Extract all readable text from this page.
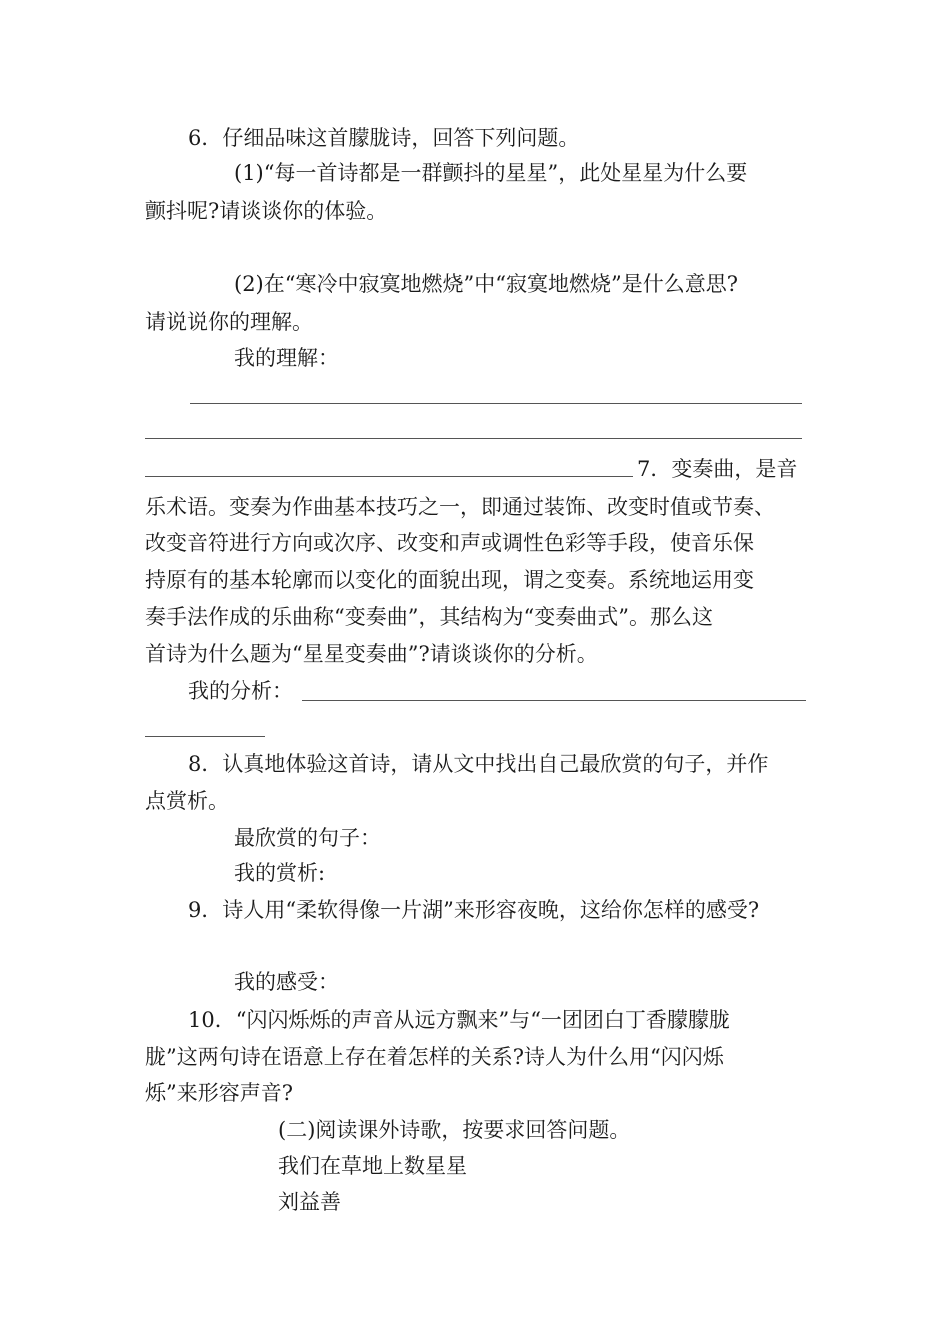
6．仔细品味这首朦胧诗，回答下列问题。
(1)“每一首诗都是一群颤抖的星星”，此处星星为什么要
颤抖呢?请谈谈你的体验。
(2)在“寒冷中寂寞地燃烧”中“寂寞地燃烧”是什么意思?
请说说你的理解。
我的理解：
7．变奏曲，是音
乐术语。变奏为作曲基本技巧之一，即通过装饰、改变时值或节奏、
改变音符进行方向或次序、改变和声或调性色彩等手段，使音乐保
持原有的基本轮廓而以变化的面貌出现，谓之变奏。系统地运用变
奏手法作成的乐曲称“变奏曲”，其结构为“变奏曲式”。那么这
首诗为什么题为“星星变奏曲”?请谈谈你的分析。
我的分析：
8．认真地体验这首诗，请从文中找出自己最欣赏的句子，并作
点赏析。
最欣赏的句子：
我的赏析:
9．诗人用“柔软得像一片湖”来形容夜晚，这给你怎样的感受?
我的感受：
10．“闪闪烁烁的声音从远方飘来”与“一团团白丁香朦朦胧
胧”这两句诗在语意上存在着怎样的关系?诗人为什么用“闪闪烁
烁”来形容声音?
(二)阅读课外诗歌，按要求回答问题。
我们在草地上数星星
刘益善
